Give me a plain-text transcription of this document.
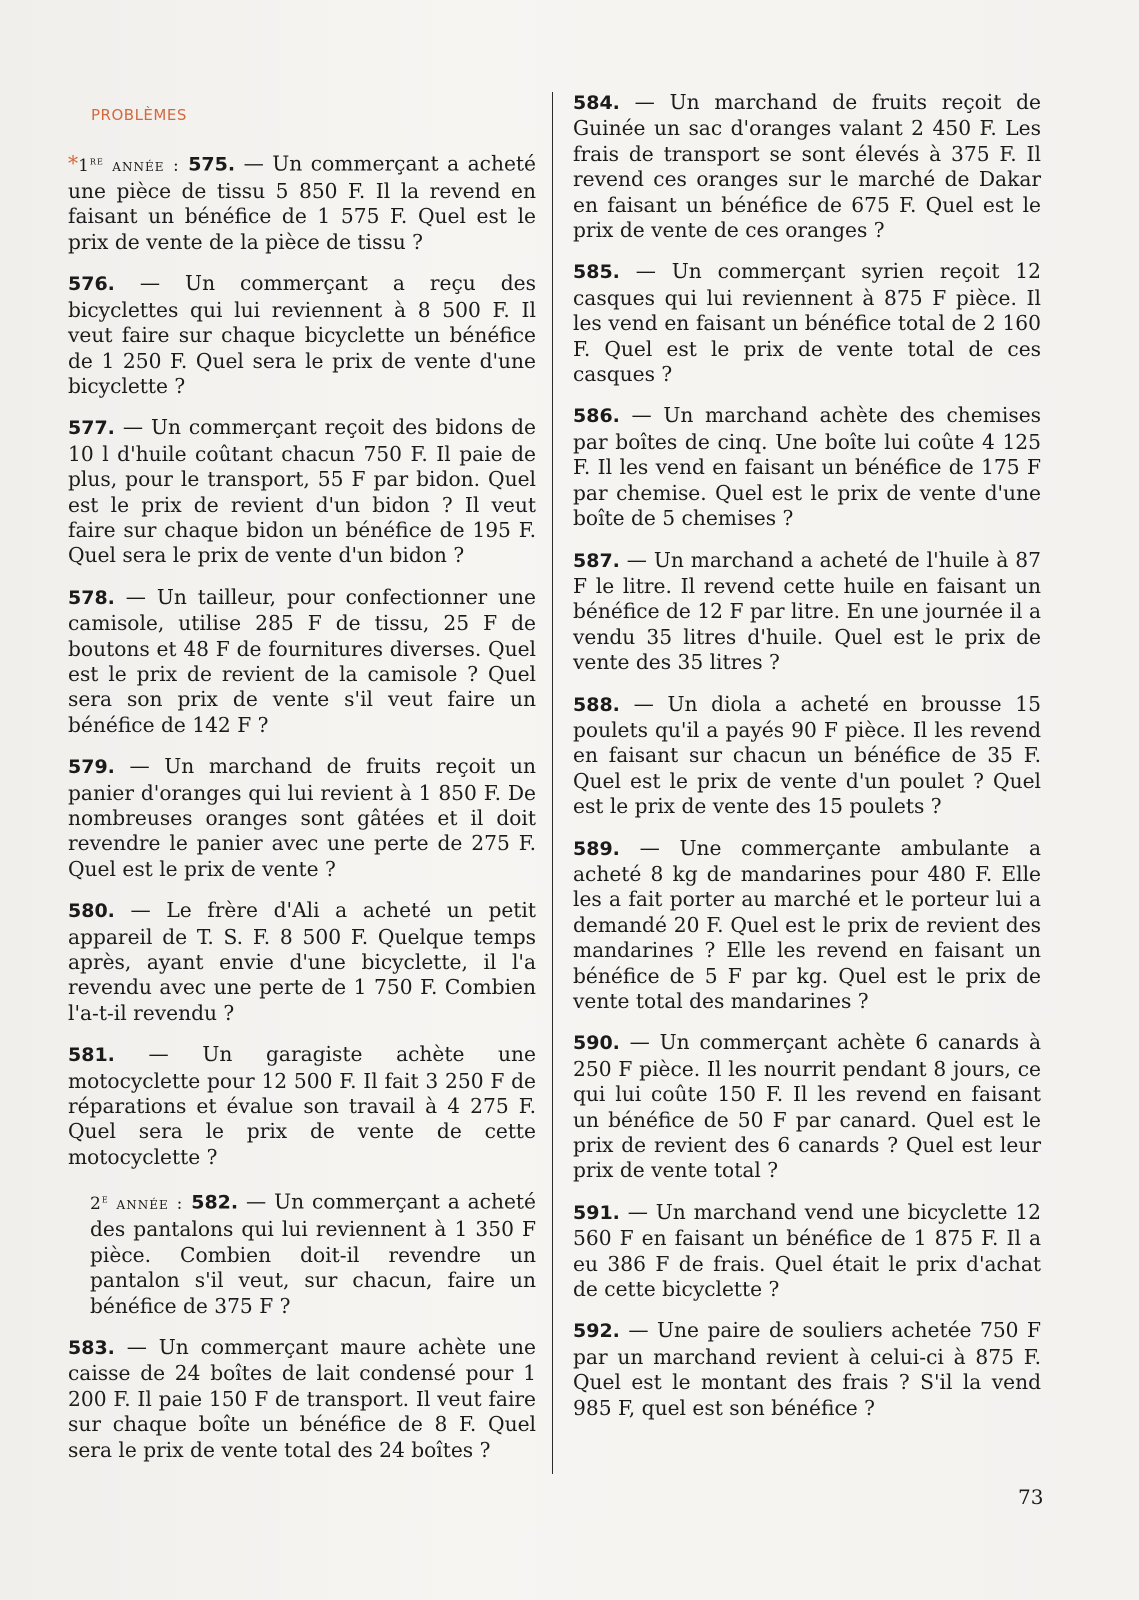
PROBLÈMES

*1re année : 575. — Un commerçant a acheté une pièce de tissu 5 850 F. Il la revend en faisant un bénéfice de 1 575 F. Quel est le prix de vente de la pièce de tissu ?

576. — Un commerçant a reçu des bicyclettes qui lui reviennent à 8 500 F. Il veut faire sur chaque bicyclette un bénéfice de 1 250 F. Quel sera le prix de vente d'une bicyclette ?

577. — Un commerçant reçoit des bidons de 10 l d'huile coûtant chacun 750 F. Il paie de plus, pour le transport, 55 F par bidon. Quel est le prix de revient d'un bidon ? Il veut faire sur chaque bidon un bénéfice de 195 F. Quel sera le prix de vente d'un bidon ?

578. — Un tailleur, pour confectionner une camisole, utilise 285 F de tissu, 25 F de boutons et 48 F de fournitures diverses. Quel est le prix de revient de la camisole ? Quel sera son prix de vente s'il veut faire un bénéfice de 142 F ?

579. — Un marchand de fruits reçoit un panier d'oranges qui lui revient à 1 850 F. De nombreuses oranges sont gâtées et il doit revendre le panier avec une perte de 275 F. Quel est le prix de vente ?

580. — Le frère d'Ali a acheté un petit appareil de T. S. F. 8 500 F. Quelque temps après, ayant envie d'une bicyclette, il l'a revendu avec une perte de 1 750 F. Combien l'a-t-il revendu ?

581. — Un garagiste achète une motocyclette pour 12 500 F. Il fait 3 250 F de réparations et évalue son travail à 4 275 F. Quel sera le prix de vente de cette motocyclette ?

2e année : 582. — Un commerçant a acheté des pantalons qui lui reviennent à 1 350 F pièce. Combien doit-il revendre un pantalon s'il veut, sur chacun, faire un bénéfice de 375 F ?

583. — Un commerçant maure achète une caisse de 24 boîtes de lait condensé pour 1 200 F. Il paie 150 F de transport. Il veut faire sur chaque boîte un bénéfice de 8 F. Quel sera le prix de vente total des 24 boîtes ?

584. — Un marchand de fruits reçoit de Guinée un sac d'oranges valant 2 450 F. Les frais de transport se sont élevés à 375 F. Il revend ces oranges sur le marché de Dakar en faisant un bénéfice de 675 F. Quel est le prix de vente de ces oranges ?

585. — Un commerçant syrien reçoit 12 casques qui lui reviennent à 875 F pièce. Il les vend en faisant un bénéfice total de 2 160 F. Quel est le prix de vente total de ces casques ?

586. — Un marchand achète des chemises par boîtes de cinq. Une boîte lui coûte 4 125 F. Il les vend en faisant un bénéfice de 175 F par chemise. Quel est le prix de vente d'une boîte de 5 chemises ?

587. — Un marchand a acheté de l'huile à 87 F le litre. Il revend cette huile en faisant un bénéfice de 12 F par litre. En une journée il a vendu 35 litres d'huile. Quel est le prix de vente des 35 litres ?

588. — Un diola a acheté en brousse 15 poulets qu'il a payés 90 F pièce. Il les revend en faisant sur chacun un bénéfice de 35 F. Quel est le prix de vente d'un poulet ? Quel est le prix de vente des 15 poulets ?

589. — Une commerçante ambulante a acheté 8 kg de mandarines pour 480 F. Elle les a fait porter au marché et le porteur lui a demandé 20 F. Quel est le prix de revient des mandarines ? Elle les revend en faisant un bénéfice de 5 F par kg. Quel est le prix de vente total des mandarines ?

590. — Un commerçant achète 6 canards à 250 F pièce. Il les nourrit pendant 8 jours, ce qui lui coûte 150 F. Il les revend en faisant un bénéfice de 50 F par canard. Quel est le prix de revient des 6 canards ? Quel est leur prix de vente total ?

591. — Un marchand vend une bicyclette 12 560 F en faisant un bénéfice de 1 875 F. Il a eu 386 F de frais. Quel était le prix d'achat de cette bicyclette ?

592. — Une paire de souliers achetée 750 F par un marchand revient à celui-ci à 875 F. Quel est le montant des frais ? S'il la vend 985 F, quel est son bénéfice ?

73
